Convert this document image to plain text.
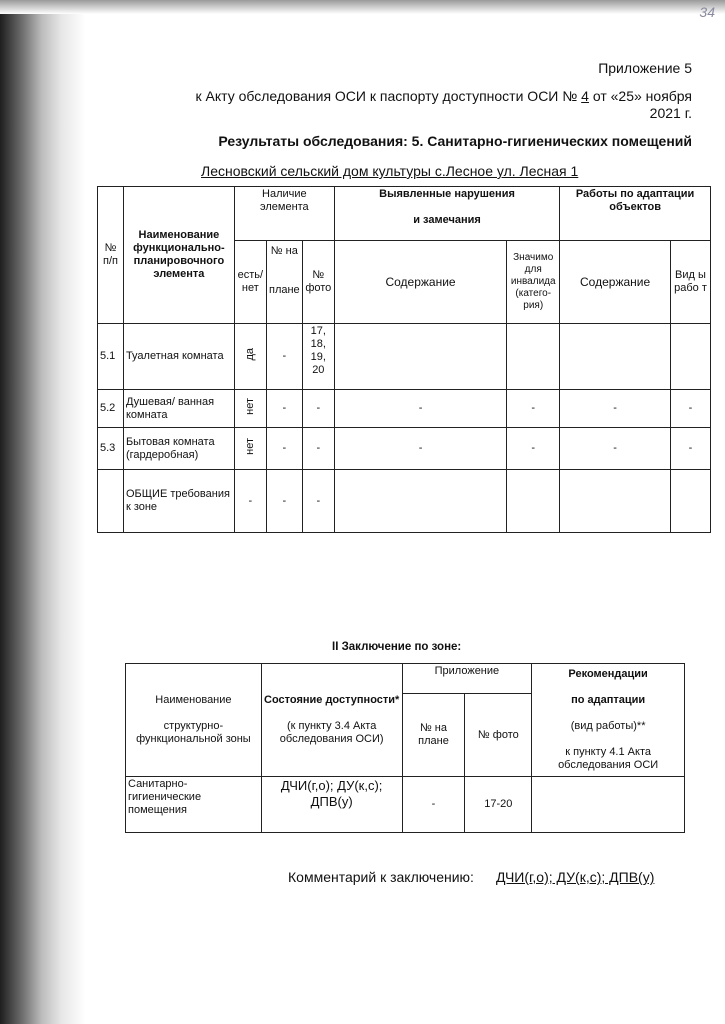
34
Приложение 5
к Акту обследования ОСИ к паспорту доступности ОСИ № 4 от «25» ноября
2021 г.
Результаты обследования: 5. Санитарно-гигиенических помещений
Лесновский сельский дом культуры с.Лесное ул. Лесная 1
№ п/п	Наименование функционально-планировочного элемента	Наличие элемента			Выявленные нарушения

и замечания		Работы по адаптации объектов	
		есть/ нет	№ на

плане	№ фото	Содержание	Значимо для инвалида (катего-рия)	Содержание	Вид ы рабо т
5.1	Туалетная комната	да	-	17, 18, 19, 20				
5.2	Душевая/ ванная комната	нет	-	-	-	-	-	-
5.3	Бытовая комната (гардеробная)	нет	-	-	-	-	-	-
	ОБЩИЕ требования к зоне	-	-	-				
II Заключение по зоне:
Наименование

структурно-функциональной зоны	Состояние доступности*

(к пункту 3.4 Акта обследования ОСИ)	Приложение		Рекомендации

по адаптации

(вид работы)**

к пункту 4.1 Акта обследования ОСИ
		№ на плане	№ фото	
Санитарно-гигиенические помещения	ДЧИ(г,о); ДУ(к,с); ДПВ(у)	-	17-20	
Комментарий к заключению: ДЧИ(г,о); ДУ(к,с); ДПВ(у)
